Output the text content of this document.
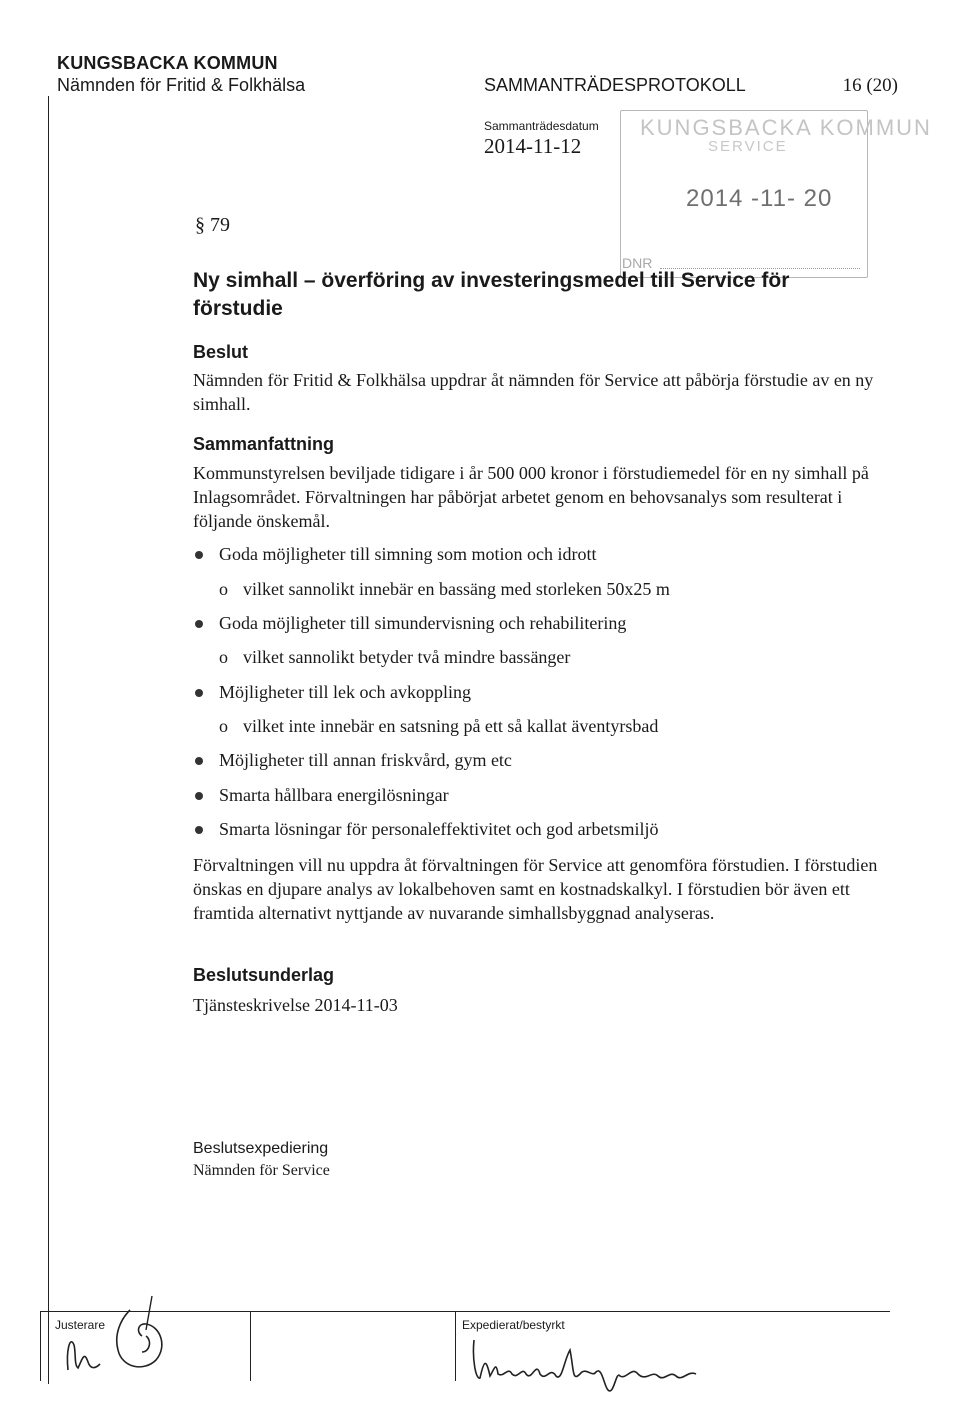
KUNGSBACKA KOMMUN
Nämnden för Fritid & Folkhälsa	SAMMANTRÄDESPROTOKOLL	16 (20)
Sammanträdesdatum
2014-11-12
KUNGSBACKA KOMMUN
SERVICE
2014 -11- 20
DNR
§ 79
Ny simhall – överföring av investeringsmedel till Service för förstudie
Beslut
Nämnden för Fritid & Folkhälsa uppdrar åt nämnden för Service att påbörja förstudie av en ny simhall.
Sammanfattning
Kommunstyrelsen beviljade tidigare i år 500 000 kronor i förstudiemedel för en ny simhall på Inlagsområdet. Förvaltningen har påbörjat arbetet genom en behovsanalys som resulterat i följande önskemål.
Goda möjligheter till simning som motion och idrott
o vilket sannolikt innebär en bassäng med storleken 50x25 m
Goda möjligheter till simundervisning och rehabilitering
o vilket sannolikt betyder två mindre bassänger
Möjligheter till lek och avkoppling
o vilket inte innebär en satsning på ett så kallat äventyrsbad
Möjligheter till annan friskvård, gym etc
Smarta hållbara energilösningar
Smarta lösningar för personaleffektivitet och god arbetsmiljö
Förvaltningen vill nu uppdra åt förvaltningen för Service att genomföra förstudien. I förstudien önskas en djupare analys av lokalbehoven samt en kostnadskalkyl. I förstudien bör även ett framtida alternativt nyttjande av nuvarande simhallsbyggnad analyseras.
Beslutsunderlag
Tjänsteskrivelse 2014-11-03
Beslutsexpediering
Nämnden för Service
Justerare	Expedierat/bestyrkt
